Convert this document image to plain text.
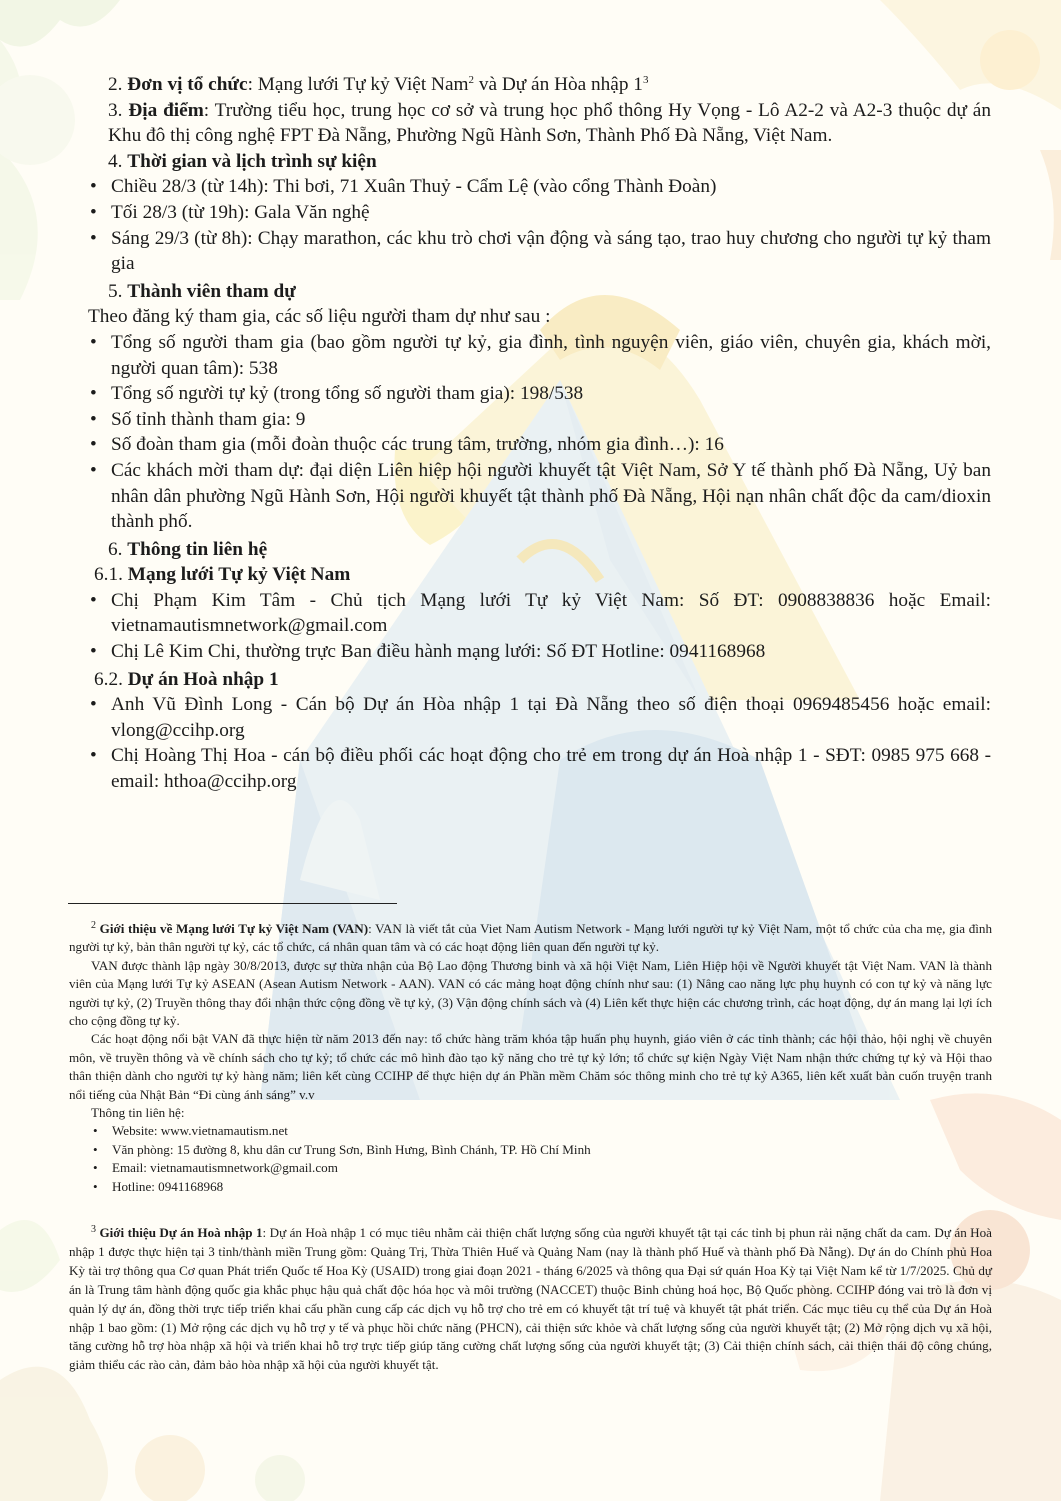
2. Đơn vị tổ chức: Mạng lưới Tự kỷ Việt Nam$^2$ và Dự án Hòa nhập $1^3$

3. Địa điểm: Trường tiểu học, trung học cơ sở và trung học phổ thông Hy Vọng - Lô A2-2 và A2-3 thuộc dự án Khu đô thị công nghệ FPT Đà Nẵng, Phường Ngũ Hành Sơn, Thành Phố Đà Nẵng, Việt Nam.

4. Thời gian và lịch trình sự kiện

• Chiều 28/3 (từ 14h): Thi bơi, 71 Xuân Thuỷ - Cẩm Lệ (vào cổng Thành Đoàn)

• Tối 28/3 (từ 19h): Gala Văn nghệ

• Sáng 29/3 (từ 8h): Chạy marathon, các khu trò chơi vận động và sáng tạo, trao huy chương cho người tự kỷ tham gia

5. Thành viên tham dự

Theo đăng ký tham gia, các số liệu người tham dự như sau :

• Tổng số người tham gia (bao gồm người tự kỷ, gia đình, tình nguyện viên, giáo viên, chuyên gia, khách mời, người quan tâm): 538

• Tổng số người tự kỷ (trong tổng số người tham gia): 198/538

• Số tỉnh thành tham gia: 9

• Số đoàn tham gia (mỗi đoàn thuộc các trung tâm, trường, nhóm gia đình…): 16

• Các khách mời tham dự: đại diện Liên hiệp hội người khuyết tật Việt Nam, Sở Y tế thành phố Đà Nẵng, Uỷ ban nhân dân phường Ngũ Hành Sơn, Hội người khuyết tật thành phố Đà Nẵng, Hội nạn nhân chất độc da cam/dioxin thành phố.

6. Thông tin liên hệ

6.1. Mạng lưới Tự kỷ Việt Nam

• Chị Phạm Kim Tâm - Chủ tịch Mạng lưới Tự kỷ Việt Nam: Số ĐT: 0908838836 hoặc Email: vietnamautismnetwork@gmail.com

• Chị Lê Kim Chi, thường trực Ban điều hành mạng lưới: Số ĐT Hotline: 0941168968

6.2. Dự án Hoà nhập 1

• Anh Vũ Đình Long - Cán bộ Dự án Hòa nhập 1 tại Đà Nẵng theo số điện thoại 0969485456 hoặc email: vlong@ccihp.org

• Chị Hoàng Thị Hoa - cán bộ điều phối các hoạt động cho trẻ em trong dự án Hoà nhập 1 - SĐT: 0985 975 668 - email: hthoa@ccihp.org

$^2$ Giới thiệu về Mạng lưới Tự kỷ Việt Nam (VAN): VAN là viết tắt của Viet Nam Autism Network - Mạng lưới người tự kỷ Việt Nam, một tổ chức của cha mẹ, gia đình người tự kỷ, bản thân người tự kỷ, các tổ chức, cá nhân quan tâm và có các hoạt động liên quan đến người tự kỷ.

VAN được thành lập ngày 30/8/2013, được sự thừa nhận của Bộ Lao động Thương binh và xã hội Việt Nam, Liên Hiệp hội về Người khuyết tật Việt Nam. VAN là thành viên của Mạng lưới Tự kỷ ASEAN (Asean Autism Network - AAN). VAN có các mảng hoạt động chính như sau: (1) Nâng cao năng lực phụ huynh có con tự kỷ và năng lực người tự kỷ, (2) Truyền thông thay đổi nhận thức cộng đồng về tự kỷ, (3) Vận động chính sách và (4) Liên kết thực hiện các chương trình, các hoạt động, dự án mang lại lợi ích cho cộng đồng tự kỷ.

Các hoạt động nổi bật VAN đã thực hiện từ năm 2013 đến nay: tổ chức hàng trăm khóa tập huấn phụ huynh, giáo viên ở các tỉnh thành; các hội thảo, hội nghị về chuyên môn, về truyền thông và về chính sách cho tự kỷ; tổ chức các mô hình đào tạo kỹ năng cho trẻ tự kỷ lớn; tổ chức sự kiện Ngày Việt Nam nhận thức chứng tự kỷ và Hội thao thân thiện dành cho người tự kỷ hàng năm; liên kết cùng CCIHP để thực hiện dự án Phần mềm Chăm sóc thông minh cho trẻ tự kỷ A365, liên kết xuất bản cuốn truyện tranh nổi tiếng của Nhật Bản “Đi cùng ánh sáng” v.v

Thông tin liên hệ:

• Website: www.vietnamautism.net
• Văn phòng: 15 đường 8, khu dân cư Trung Sơn, Bình Hưng, Bình Chánh, TP. Hồ Chí Minh
• Email: vietnamautismnetwork@gmail.com
• Hotline: 0941168968

$^3$ Giới thiệu Dự án Hoà nhập 1: Dự án Hoà nhập 1 có mục tiêu nhằm cải thiện chất lượng sống của người khuyết tật tại các tỉnh bị phun rải nặng chất da cam. Dự án Hoà nhập 1 được thực hiện tại 3 tỉnh/thành miền Trung gồm: Quảng Trị, Thừa Thiên Huế và Quảng Nam (nay là thành phố Huế và thành phố Đà Nẵng). Dự án do Chính phủ Hoa Kỳ tài trợ thông qua Cơ quan Phát triển Quốc tế Hoa Kỳ (USAID) trong giai đoạn 2021 - tháng 6/2025 và thông qua Đại sứ quán Hoa Kỳ tại Việt Nam kể từ 1/7/2025. Chủ dự án là Trung tâm hành động quốc gia khắc phục hậu quả chất độc hóa học và môi trường (NACCET) thuộc Binh chủng hoá học, Bộ Quốc phòng. CCIHP đóng vai trò là đơn vị quản lý dự án, đồng thời trực tiếp triển khai cấu phần cung cấp các dịch vụ hỗ trợ cho trẻ em có khuyết tật trí tuệ và khuyết tật phát triển. Các mục tiêu cụ thể của Dự án Hoà nhập 1 bao gồm: (1) Mở rộng các dịch vụ hỗ trợ y tế và phục hồi chức năng (PHCN), cải thiện sức khỏe và chất lượng sống của người khuyết tật; (2) Mở rộng dịch vụ xã hội, tăng cường hỗ trợ hòa nhập xã hội và triển khai hỗ trợ trực tiếp giúp tăng cường chất lượng sống của người khuyết tật; (3) Cải thiện chính sách, cải thiện thái độ công chúng, giảm thiểu các rào cản, đảm bảo hòa nhập xã hội của người khuyết tật.
